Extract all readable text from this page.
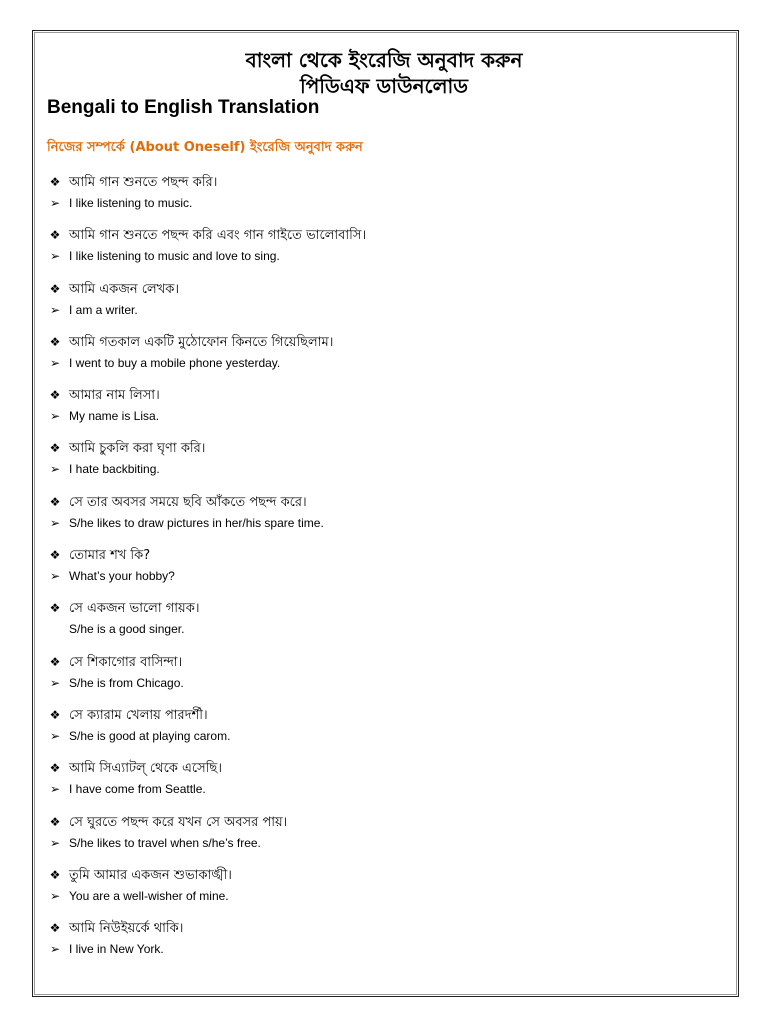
বাংলা থেকে ইংরেজি অনুবাদ করুন
পিডিএফ ডাউনলোড
Bengali to English Translation
নিজের সম্পর্কে (About Oneself) ইংরেজি অনুবাদ করুন
❖ আমি গান শুনতে পছন্দ করি।
➢ I like listening to music.
❖ আমি গান শুনতে পছন্দ করি এবং গান গাইতে ভালোবাসি।
➢ I like listening to music and love to sing.
❖ আমি একজন লেখক।
➢ I am a writer.
❖ আমি গতকাল একটি মুঠোফোন কিনতে গিয়েছিলাম।
➢ I went to buy a mobile phone yesterday.
❖ আমার নাম লিসা।
➢ My name is Lisa.
❖ আমি চুকলি করা ঘৃণা করি।
➢ I hate backbiting.
❖ সে তার অবসর সময়ে ছবি আঁকতে পছন্দ করে।
➢ S/he likes to draw pictures in her/his spare time.
❖ তোমার শখ কি?
➢ What’s your hobby?
❖ সে একজন ভালো গায়ক।
S/he is a good singer.
❖ সে শিকাগোর বাসিন্দা।
➢ S/he is from Chicago.
❖ সে ক্যারাম খেলায় পারদর্শী।
➢ S/he is good at playing carom.
❖ আমি সিএ্যাটল্ থেকে এসেছি।
➢ I have come from Seattle.
❖ সে ঘুরতে পছন্দ করে যখন সে অবসর পায়।
➢ S/he likes to travel when s/he’s free.
❖ তুমি আমার একজন শুভাকাঙ্খী।
➢ You are a well-wisher of mine.
❖ আমি নিউইয়র্কে থাকি।
➢ I live in New York.
